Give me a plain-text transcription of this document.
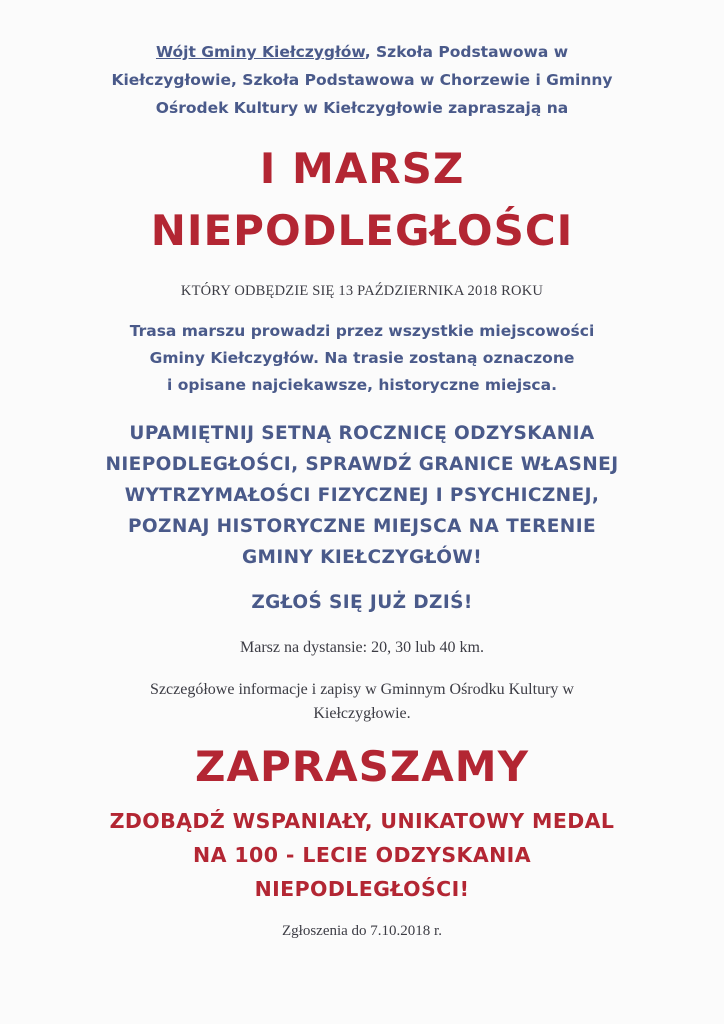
Wójt Gminy Kiełczygłów, Szkoła Podstawowa w
Kiełczygłowie, Szkoła Podstawowa w Chorzewie i Gminny
Ośrodek Kultury w Kiełczygłowie zapraszają na

I MARSZ
NIEPODLEGŁOŚCI

KTÓRY ODBĘDZIE SIĘ 13 PAŹDZIERNIKA 2018 ROKU

Trasa marszu prowadzi przez wszystkie miejscowości
Gminy Kiełczygłów. Na trasie zostaną oznaczone
i opisane najciekawsze, historyczne miejsca.

UPAMIĘTNIJ SETNĄ ROCZNICĘ ODZYSKANIA
NIEPODLEGŁOŚCI, SPRAWDŹ GRANICE WŁASNEJ
WYTRZYMAŁOŚCI FIZYCZNEJ I PSYCHICZNEJ,
POZNAJ HISTORYCZNE MIEJSCA NA TERENIE
GMINY KIEŁCZYGŁÓW!

ZGŁOŚ SIĘ JUŻ DZIŚ!

Marsz na dystansie: 20, 30 lub 40 km.

Szczegółowe informacje i zapisy w Gminnym Ośrodku Kultury w
Kiełczygłowie.

ZAPRASZAMY

ZDOBĄDŹ WSPANIAŁY, UNIKATOWY MEDAL
NA 100 - LECIE ODZYSKANIA
NIEPODLEGŁOŚCI!

Zgłoszenia do 7.10.2018 r.
